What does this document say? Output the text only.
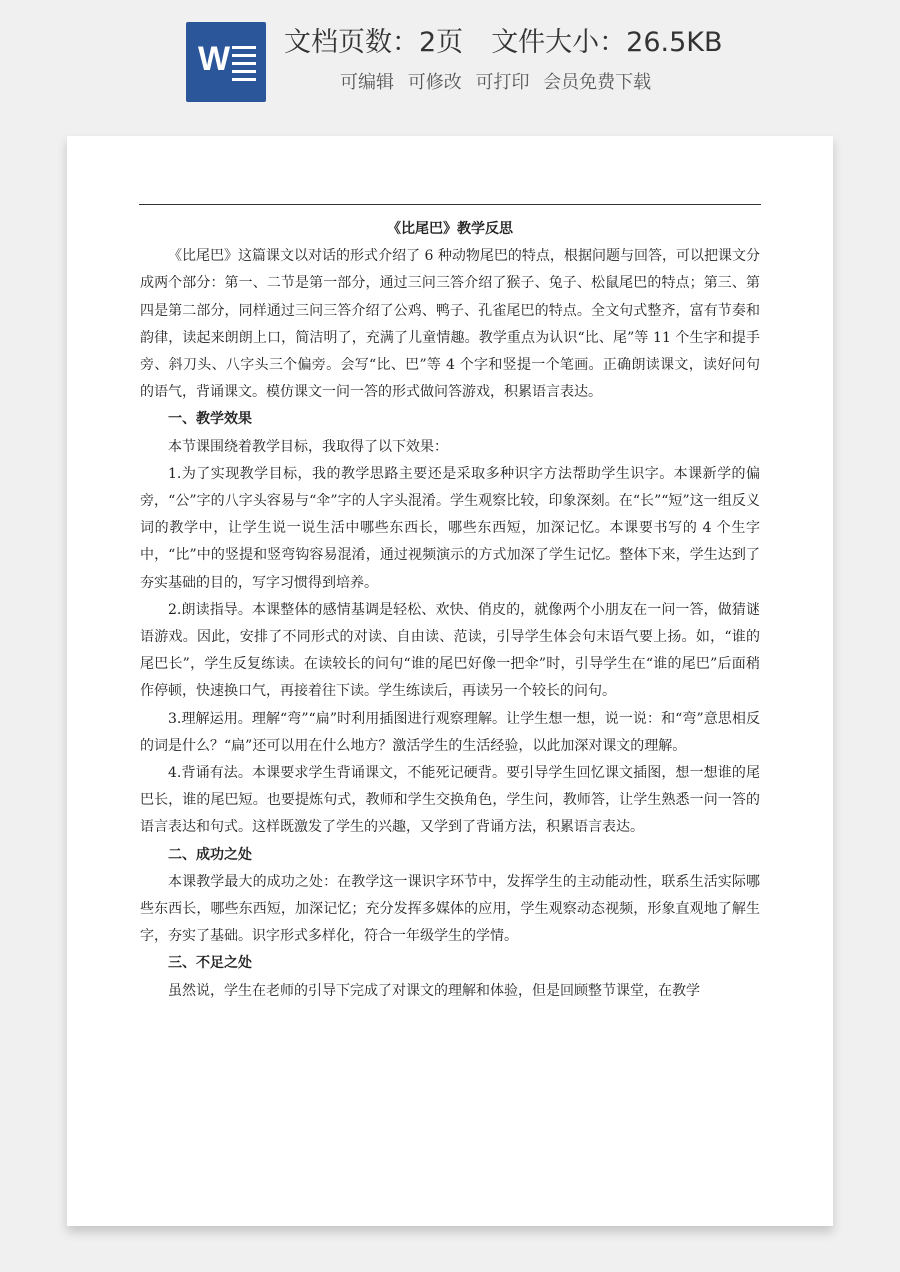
W 文档页数：2页 文件大小：26.5KB
可编辑 可修改 可打印 会员免费下载

《比尾巴》教学反思

《比尾巴》这篇课文以对话的形式介绍了 6 种动物尾巴的特点，根据问题与回答，可以把课文分成两个部分：第一、二节是第一部分，通过三问三答介绍了猴子、兔子、松鼠尾巴的特点；第三、第四是第二部分，同样通过三问三答介绍了公鸡、鸭子、孔雀尾巴的特点。全文句式整齐，富有节奏和韵律，读起来朗朗上口，简洁明了，充满了儿童情趣。教学重点为认识“比、尾”等 11 个生字和提手旁、斜刀头、八字头三个偏旁。会写“比、巴”等 4 个字和竖提一个笔画。正确朗读课文，读好问句的语气，背诵课文。模仿课文一问一答的形式做问答游戏，积累语言表达。

一、教学效果

本节课围绕着教学目标，我取得了以下效果：

1.为了实现教学目标，我的教学思路主要还是采取多种识字方法帮助学生识字。本课新学的偏旁，“公”字的八字头容易与“伞”字的人字头混淆。学生观察比较，印象深刻。在“长”“短”这一组反义词的教学中，让学生说一说生活中哪些东西长，哪些东西短，加深记忆。本课要书写的 4 个生字中，“比”中的竖提和竖弯钩容易混淆，通过视频演示的方式加深了学生记忆。整体下来，学生达到了夯实基础的目的，写字习惯得到培养。

2.朗读指导。本课整体的感情基调是轻松、欢快、俏皮的，就像两个小朋友在一问一答，做猜谜语游戏。因此，安排了不同形式的对读、自由读、范读，引导学生体会句末语气要上扬。如，“谁的尾巴长”，学生反复练读。在读较长的问句“谁的尾巴好像一把伞”时，引导学生在“谁的尾巴”后面稍作停顿，快速换口气，再接着往下读。学生练读后，再读另一个较长的问句。

3.理解运用。理解“弯”“扁”时利用插图进行观察理解。让学生想一想，说一说：和“弯”意思相反的词是什么？“扁”还可以用在什么地方？激活学生的生活经验，以此加深对课文的理解。

4.背诵有法。本课要求学生背诵课文，不能死记硬背。要引导学生回忆课文插图，想一想谁的尾巴长，谁的尾巴短。也要提炼句式，教师和学生交换角色，学生问，教师答，让学生熟悉一问一答的语言表达和句式。这样既激发了学生的兴趣，又学到了背诵方法，积累语言表达。

二、成功之处

本课教学最大的成功之处：在教学这一课识字环节中，发挥学生的主动能动性，联系生活实际哪些东西长，哪些东西短，加深记忆；充分发挥多媒体的应用，学生观察动态视频，形象直观地了解生字，夯实了基础。识字形式多样化，符合一年级学生的学情。

三、不足之处

虽然说，学生在老师的引导下完成了对课文的理解和体验，但是回顾整节课堂，在教学
